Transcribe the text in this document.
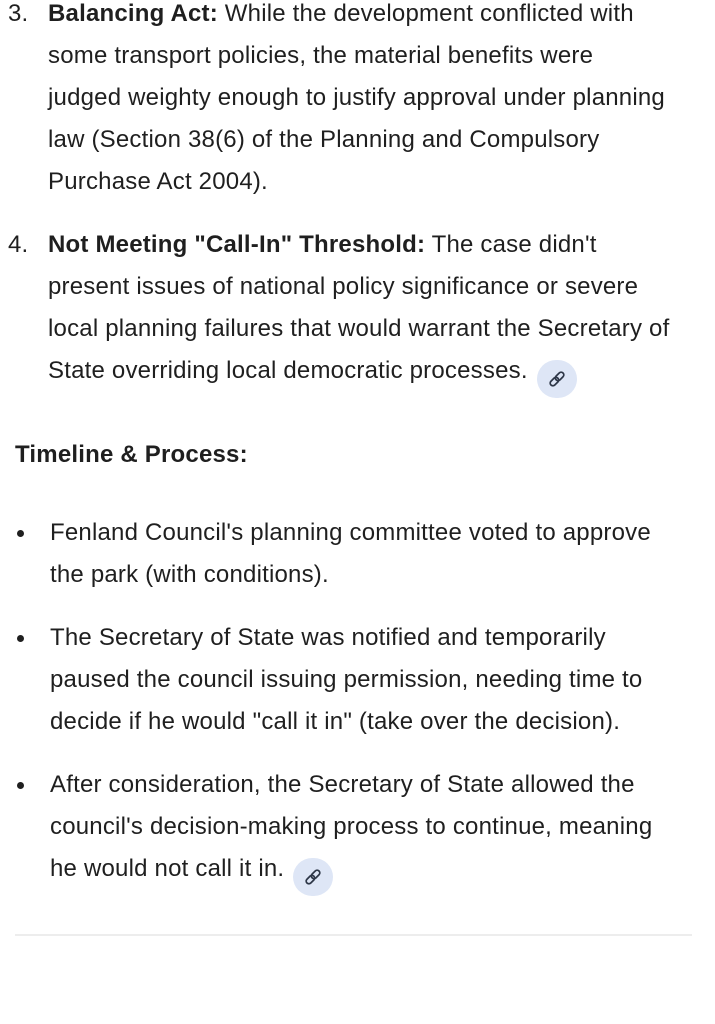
3. Balancing Act: While the development conflicted with some transport policies, the material benefits were judged weighty enough to justify approval under planning law (Section 38(6) of the Planning and Compulsory Purchase Act 2004).
4. Not Meeting "Call-In" Threshold: The case didn't present issues of national policy significance or severe local planning failures that would warrant the Secretary of State overriding local democratic processes.
Timeline & Process:
Fenland Council's planning committee voted to approve the park (with conditions).
The Secretary of State was notified and temporarily paused the council issuing permission, needing time to decide if he would "call it in" (take over the decision).
After consideration, the Secretary of State allowed the council's decision-making process to continue, meaning he would not call it in.
